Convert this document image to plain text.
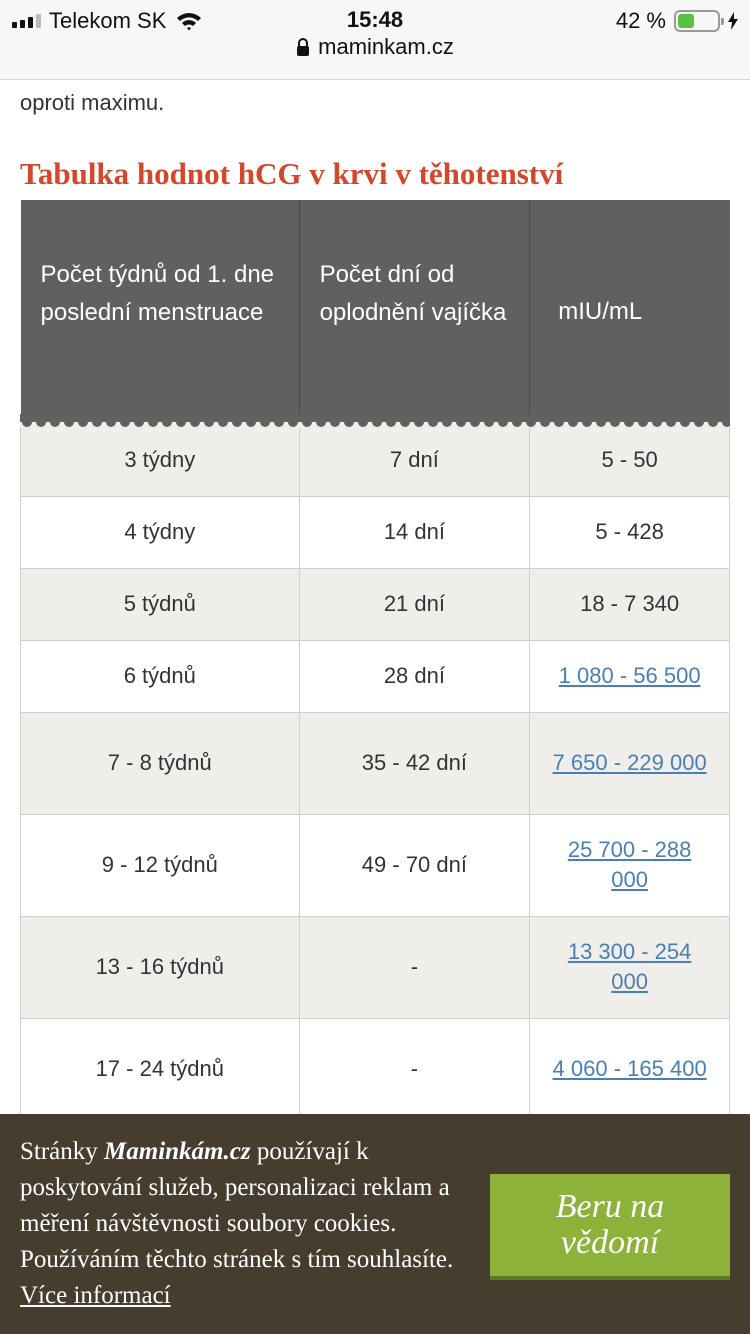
Telekom SK	15:48
maminkam.cz
42 %
oproti maximu.
Tabulka hodnot hCG v krvi v těhotenství
Počet týdnů od 1. dne poslední menstruace	Počet dní od oplodnění vajíčka	mIU/mL
3 týdny	7 dní	5 - 50
4 týdny	14 dní	5 - 428
5 týdnů	21 dní	18 - 7 340
6 týdnů	28 dní	1 080 - 56 500
7 - 8 týdnů	35 - 42 dní	7 650 - 229 000
9 - 12 týdnů	49 - 70 dní	25 700 - 288 000
13 - 16 týdnů	-	13 300 - 254 000
17 - 24 týdnů	-	4 060 - 165 400

Stránky Maminkám.cz používají k poskytování služeb, personalizaci reklam a měření návštěvnosti soubory cookies. Používáním těchto stránek s tím souhlasíte. Více informací

Beru na vědomí
